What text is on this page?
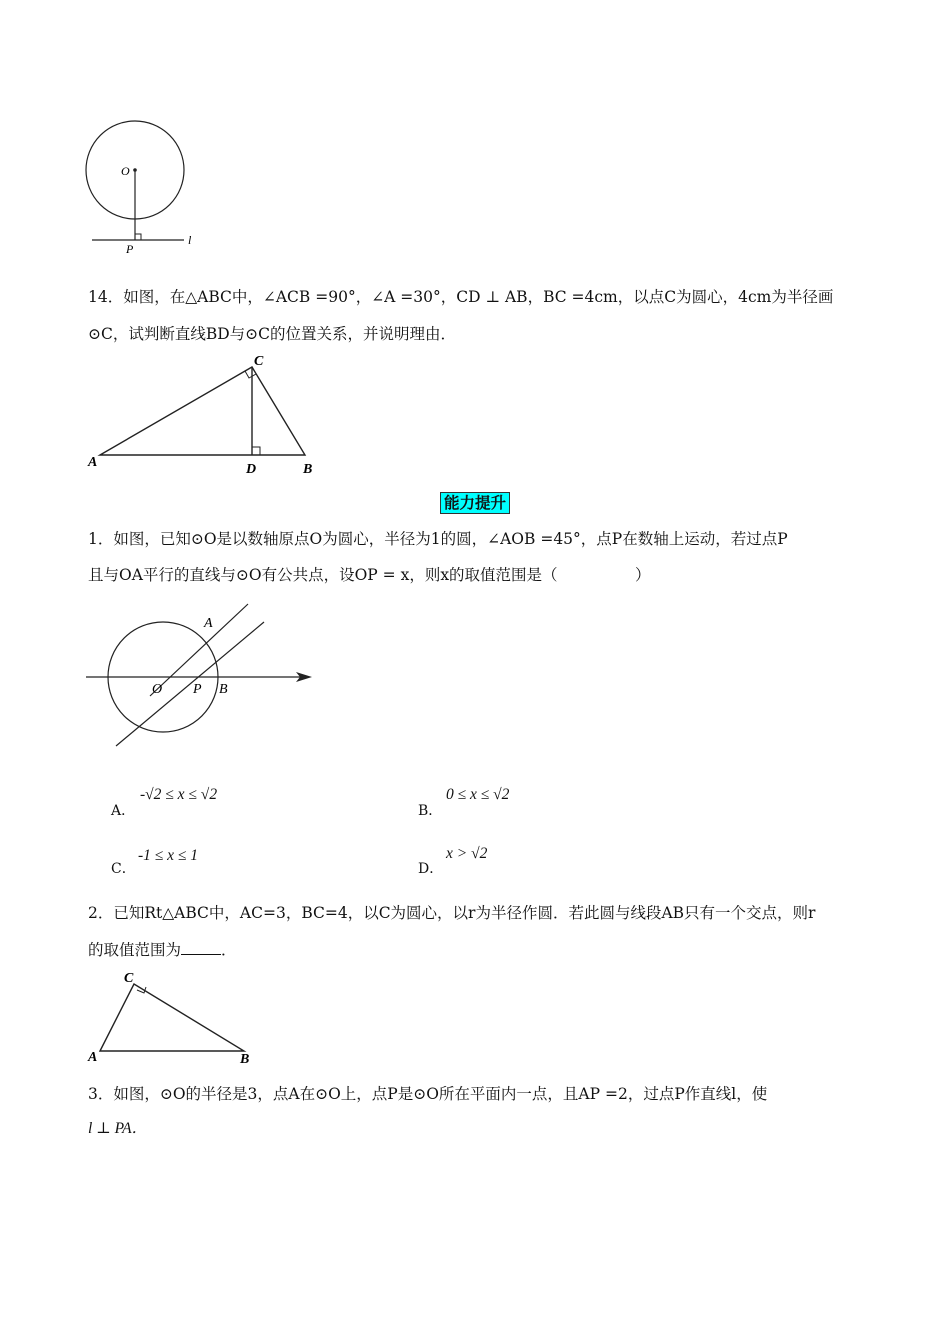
O
P
l
14．如图，在△ABC中，∠ACB =90°，∠A =30°，CD ⊥ AB，BC =4cm，以点C为圆心，4cm为半径画
⊙C，试判断直线BD与⊙C的位置关系，并说明理由．
A
C
D	B
能力提升
1．如图，已知⊙O是以数轴原点O为圆心，半径为1的圆，∠AOB =45°，点P在数轴上运动，若过点P
且与OA平行的直线与⊙O有公共点，设OP = x，则x的取值范围是（　　　　　）
O P B
A
A．
-√2 ≤ x ≤ √2
B．
0 ≤ x ≤ √2
C．
-1 ≤ x ≤ 1
D．
x > √2
2．已知Rt△ABC中，AC=3，BC=4，以C为圆心，以r为半径作圆．若此圆与线段AB只有一个交点，则r
的取值范围为	．
A
C
B
3．如图，⊙O的半径是3，点A在⊙O上，点P是⊙O所在平面内一点，且AP =2，过点P作直线l，使
l ⊥ PA．
